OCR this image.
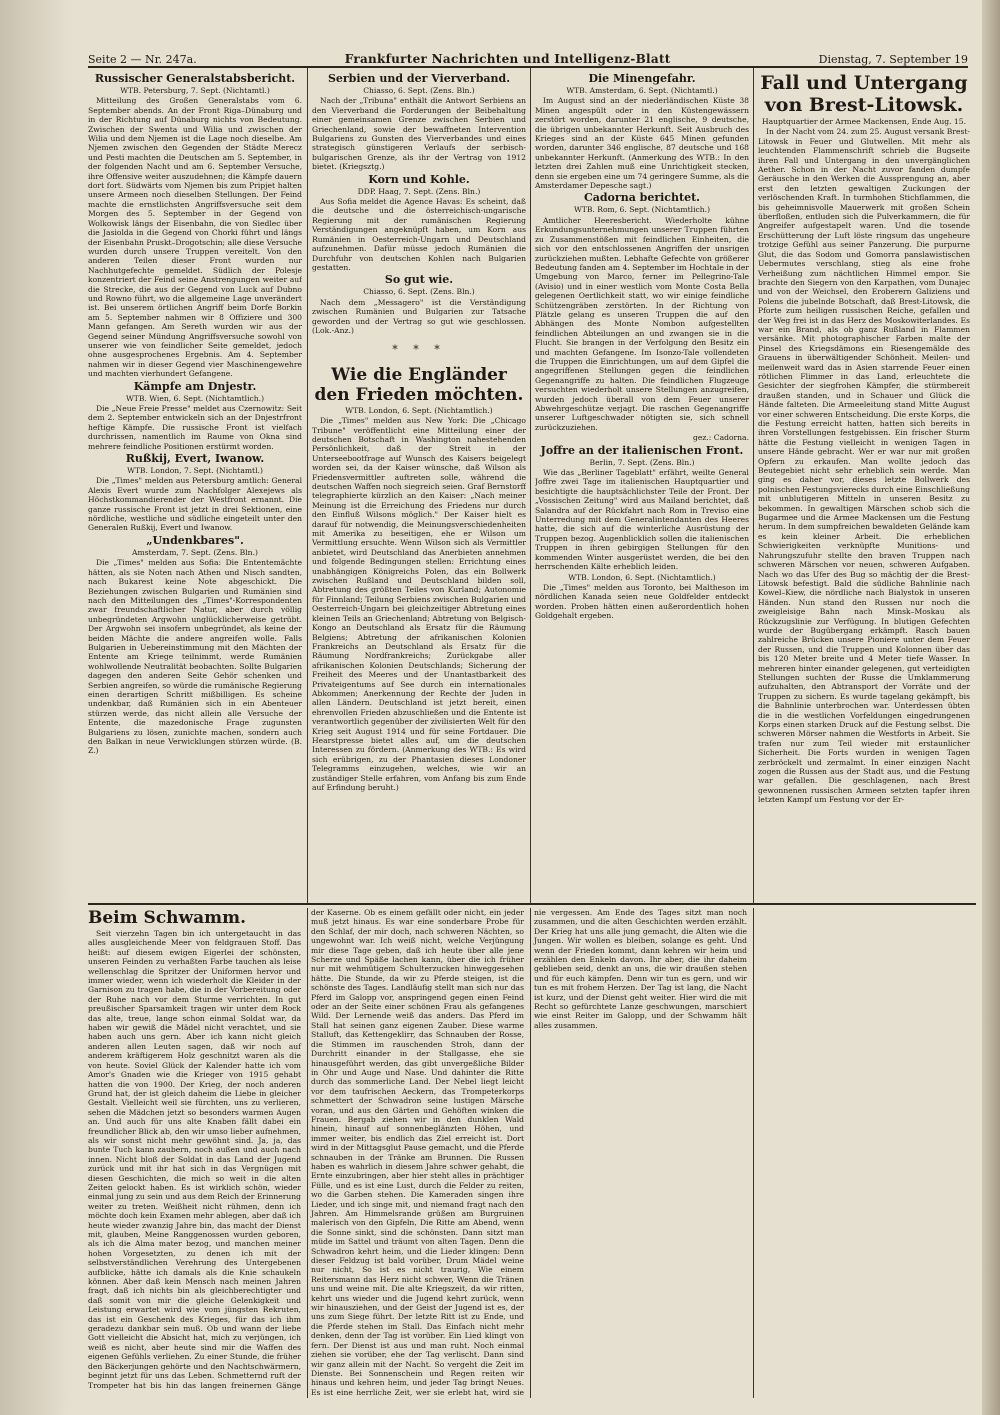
Seite 2 — Nr. 247a.	Frankfurter Nachrichten und Intelligenz-Blatt	Dienstag, 7. September 19

Russischer Generalstabsbericht.

WTB. Petersburg, 7. Sept. (Nichtamtl.)

Mitteilung des Großen Generalstabs vom 6. September abends. An der Front Riga–Dünaburg und in der Richtung auf Dünaburg nichts von Bedeutung. Zwischen der Swenta und Wilia und zwischen der Wilia und dem Njemen ist die Lage noch dieselbe. Am Njemen zwischen den Gegenden der Städte Merecz und Pesti machten die Deutschen am 5. September, in der folgenden Nacht und am 6. September Versuche, ihre Offensive weiter auszudehnen; die Kämpfe dauern dort fort. Südwärts vom Njemen bis zum Pripjet halten unsere Armeen noch dieselben Stellungen. Der Feind machte die ernstlichsten Angriffsversuche seit dem Morgen des 5. September in der Gegend von Wolkowisk längs der Eisenbahn, die von Siedlec über die Jasiolda in die Gegend von Chorki führt und längs der Eisenbahn Pruskt–Drogotschin; alle diese Versuche wurden durch unsere Truppen vereitelt. Von den anderen Teilen dieser Front wurden nur Nachhutgefechte gemeldet. Südlich der Polesje konzentriert der Feind seine Anstrengungen weiter auf die Strecke, die aus der Gegend von Luck auf Dubno und Rowno führt, wo die allgemeine Lage unverändert ist. Bei unserem örtlichen Angriff beim Dorfe Borkin am 5. September nahmen wir 8 Offiziere und 300 Mann gefangen. Am Sereth wurden wir aus der Gegend seiner Mündung Angriffsversuche sowohl von unserer wie von feindlicher Seite gemeldet, jedoch ohne ausgesprochenes Ergebnis. Am 4. September nahmen wir in dieser Gegend vier Maschinengewehre und machten vierhundert Gefangene.

Kämpfe am Dnjestr.

WTB. Wien, 6. Sept. (Nichtamtlich.)

Die „Neue Freie Presse" meldet aus Czernowitz: Seit dem 2. September entwickeln sich an der Dnjestrfront heftige Kämpfe. Die russische Front ist vielfach durchrissen, namentlich im Raume von Okna sind mehrere feindliche Positionen erstürmt worden.

Rußkij, Evert, Iwanow.

WTB. London, 7. Sept. (Nichtamtl.)

Die „Times" melden aus Petersburg amtlich: General Alexis Evert wurde zum Nachfolger Alexejews als Höchstkommandierender der Westfront ernannt. Die ganze russische Front ist jetzt in drei Sektionen, eine nördliche, westliche und südliche eingeteilt unter den Generalen Rußkij, Evert und Iwanow.

„Undenkbares".

Amsterdam, 7. Sept. (Zens. Bln.)

Die „Times" melden aus Sofia: Die Ententemächte hätten, als sie Noten nach Athen und Nisch sandten, nach Bukarest keine Note abgeschickt. Die Beziehungen zwischen Bulgarien und Rumänien sind nach den Mitteilungen des „Times"-Korrespondenten zwar freundschaftlicher Natur, aber durch völlig unbegründeten Argwohn unglücklicherweise getrübt. Der Argwohn sei insofern unbegründet, als keine der beiden Mächte die andere angreifen wolle. Falls Bulgarien in Uebereinstimmung mit den Mächten der Entente am Kriege teilnimmt, werde Rumänien wohlwollende Neutralität beobachten. Sollte Bulgarien dagegen den anderen Seite Gehör schenken und Serbien angreifen, so würde die rumänische Regierung einen derartigen Schritt mißbilligen. Es scheine undenkbar, daß Rumänien sich in ein Abenteuer stürzen werde, das nicht allein alle Versuche der Entente, die mazedonische Frage zugunsten Bulgariens zu lösen, zunichte machen, sondern auch den Balkan in neue Verwicklungen stürzen würde. (B. Z.)

Serbien und der Vierverband.

Chiasso, 6. Sept. (Zens. Bln.)

Nach der „Tribuna" enthält die Antwort Serbiens an den Vierverband die Forderungen der Beibehaltung einer gemeinsamen Grenze zwischen Serbien und Griechenland, sowie der bewaffneten Intervention Bulgariens zu Gunsten des Vierverbandes und eines strategisch günstigeren Verlaufs der serbisch-bulgarischen Grenze, als ihr der Vertrag von 1912 bietet. (Kriegsztg.)

Korn und Kohle.

DDP. Haag, 7. Sept. (Zens. Bln.)

Aus Sofia meldet die Agence Havas: Es scheint, daß die deutsche und die österreichisch-ungarische Regierung mit der rumänischen Regierung Verständigungen angeknüpft haben, um Korn aus Rumänien in Oesterreich-Ungarn und Deutschland aufzunehmen. Dafür müsse jedoch Rumänien die Durchfuhr von deutschen Kohlen nach Bulgarien gestatten.

So gut wie.

Chiasso, 6. Sept. (Zens. Bln.)

Nach dem „Messagero" ist die Verständigung zwischen Rumänien und Bulgarien zur Tatsache geworden und der Vertrag so gut wie geschlossen. (Lok.-Anz.)

* * *

Wie die Engländer den Frieden möchten.

WTB. London, 6. Sept. (Nichtamtlich.)

Die „Times" melden aus New York: Die „Chicago Tribune" veröffentlicht eine Mitteilung einer der deutschen Botschaft in Washington nahestehenden Persönlichkeit, daß der Streit in der Unterseebootfrage auf Wunsch des Kaisers beigelegt worden sei, da der Kaiser wünsche, daß Wilson als Friedensvermittler auftreten solle, während die deutschen Waffen noch siegreich seien. Graf Bernstorff telegraphierte kürzlich an den Kaiser: „Nach meiner Meinung ist die Erreichung des Friedens nur durch den Einfluß Wilsons möglich." Der Kaiser hielt es darauf für notwendig, die Meinungsverschiedenheiten mit Amerika zu beseitigen, ehe er Wilson um Vermittlung ersuchte. Wenn Wilson sich als Vermittler anbietet, wird Deutschland das Anerbieten annehmen und folgende Bedingungen stellen: Errichtung eines unabhängigen Königreichs Polen, das ein Bollwerk zwischen Rußland und Deutschland bilden soll, Abtretung des größten Teiles von Kurland; Autonomie für Finnland; Teilung Serbiens zwischen Bulgarien und Oesterreich-Ungarn bei gleichzeitiger Abtretung eines kleinen Teils an Griechenland; Abtretung von Belgisch-Kongo an Deutschland als Ersatz für die Räumung Belgiens; Abtretung der afrikanischen Kolonien Frankreichs an Deutschland als Ersatz für die Räumung Nordfrankreichs; Zurückgabe aller afrikanischen Kolonien Deutschlands; Sicherung der Freiheit des Meeres und der Unantastbarkeit des Privateigentums auf See durch ein internationales Abkommen; Anerkennung der Rechte der Juden in allen Ländern. Deutschland ist jetzt bereit, einen ehrenvollen Frieden abzuschließen und die Entente ist verantwortlich gegenüber der zivilisierten Welt für den Krieg seit August 1914 und für seine Fortdauer. Die Hearstpresse bietet alles auf, um die deutschen Interessen zu fördern. (Anmerkung des WTB.: Es wird sich erübrigen, zu der Phantasien dieses Londoner Telegramms einzugehen, welches, wie wir an zuständiger Stelle erfahren, vom Anfang bis zum Ende auf Erfindung beruht.)

Die Minengefahr.

WTB. Amsterdam, 6. Sept. (Nichtamtl.)

Im August sind an der niederländischen Küste 38 Minen angespült oder in den Küstengewässern zerstört worden, darunter 21 englische, 9 deutsche, die übrigen unbekannter Herkunft. Seit Ausbruch des Krieges sind an der Küste 645 Minen gefunden worden, darunter 346 englische, 87 deutsche und 168 unbekannter Herkunft. (Anmerkung des WTB.: In den letzten drei Zahlen muß eine Unrichtigkeit stecken, denn sie ergeben eine um 74 geringere Summe, als die Amsterdamer Depesche sagt.)

Cadorna berichtet.

WTB. Rom, 6. Sept. (Nichtamtlich.)

Amtlicher Heeresbericht. Wiederholte kühne Erkundungsunternehmungen unserer Truppen führten zu Zusammenstößen mit feindlichen Einheiten, die sich vor den entschlossenen Angriffen der unsrigen zurückziehen mußten. Lebhafte Gefechte von größerer Bedeutung fanden am 4. September im Hochtale in der Umgebung von Marco, ferner im Pellegrino-Tale (Avisio) und in einer westlich vom Monte Costa Bella gelegenen Oertlichkeit statt, wo wir einige feindliche Schützengräben zerstörten. In der Richtung von Plätzle gelang es unseren Truppen die auf den Abhängen des Monte Nombon aufgestellten feindlichen Abteilungen an und zwangen sie in die Flucht. Sie brangen in der Verfolgung den Besitz ein und machten Gefangene. Im Isonzo-Tale vollendeten die Truppen die Einrichtungen, um auf dem Gipfel die angegriffenen Stellungen gegen die feindlichen Gegenangriffe zu halten. Die feindlichen Flugzeuge versuchten wiederholt unsere Stellungen anzugreifen, wurden jedoch überall von dem Feuer unserer Abwehrgeschütze verjagt. Die raschen Gegenangriffe unserer Luftgeschwader nötigten sie, sich schnell zurückzuziehen.

gez.: Cadorna.

Joffre an der italienischen Front.

Berlin, 7. Sept. (Zens. Bln.)

Wie das „Berliner Tageblatt" erfährt, weilte General Joffre zwei Tage im italienischen Hauptquartier und besichtigte die hauptsächlichster Teile der Front. Der „Vossischen Zeitung" wird aus Mailand berichtet, daß Salandra auf der Rückfahrt nach Rom in Treviso eine Unterredung mit dem Generalintendanten des Heeres hatte, die sich auf die winterliche Ausrüstung der Truppen bezog. Augenblicklich sollen die italienischen Truppen in ihren gebirgigen Stellungen für den kommenden Winter ausgerüstet werden, die bei den herrschenden Kälte erheblich leiden.

WTB. London, 6. Sept. (Nichtamtlich.)

Die „Times" melden aus Toronto, bei Maltheson im nördlichen Kanada seien neue Goldfelder entdeckt worden. Proben hätten einen außerordentlich hohen Goldgehalt ergeben.

Fall und Untergang von Brest-Litowsk.

Hauptquartier der Armee Mackensen, Ende Aug. 15.

In der Nacht vom 24. zum 25. August versank Brest-Litowsk in Feuer und Glutwellen. Mit mehr als leuchtenden Flammenschrift schrieb die Bugseite ihren Fall und Untergang in den unvergänglichen Aether. Schon in der Nacht zuvor fanden dumpfe Geräusche in den Werken die Aussprengung an, aber erst den letzten gewaltigen Zuckungen der verlöschenden Kraft. In turmhohen Stichflammen, die bis geheimnisvolle Mauerwerk mit großen Schein überfloßen, entluden sich die Pulverkammern, die für Angreifer aufgestapelt waren. Und die tosende Erschütterung der Luft löste ringsum das ungeheure trotzige Gefühl aus seiner Panzerung. Die purpurne Glut, die das Sodom und Gomorra panslawistischen Uebermutes verschlang, stieg als eine frohe Verheißung zum nächtlichen Himmel empor. Sie brachte den Siegern von den Karpathen, vom Dunajec und von der Weichsel, den Eroberern Galiziens und Polens die jubelnde Botschaft, daß Brest-Litowsk, die Pforte zum heiligen russischen Reiche, gefallen und der Weg frei ist in das Herz des Moskowiterlandes. Es war ein Brand, als ob ganz Rußland in Flammen versänke. Mit photographischer Farben malte der Pinsel des Kriegsdämons ein Riesengemälde des Grauens in überwältigender Schönheit. Meilen- und meilenweit ward das in Asien starrende Feuer einen rötlichen Flimmer in das Land, erleuchtete die Gesichter der siegfrohen Kämpfer, die stürmbereit draußen standen, und in Schauer und Glück die Hände falteten. Die Armeeleitung stand Mitte August vor einer schweren Entscheidung. Die erste Korps, die die Festung erreicht hatten, hatten sich bereits in ihren Vorstellungen festgebissen. Ein frischer Sturm hätte die Festung vielleicht in wenigen Tagen in unsere Hände gebracht. Wer er war nur mit großen Opfern zu erkaufen. Man wollte jedoch das Beutegebiet nicht sehr erheblich sein werde. Man ging es daher vor, dieses letzte Bollwerk des polnischen Festungsvierecks durch eine Einschließung mit unblutigeren Mitteln in unseren Besitz zu bekommen. In gewaltigen Märschen schob sich die Bugarmee und die Armee Mackensen um die Festung herum. In dem sumpfreichen bewaldeten Gelände kam es kein kleiner Arbeit. Die erheblichen Schwierigkeiten verknüpfte Munitions- und Nahrungszufuhr stellte den braven Truppen nach schweren Märschen vor neuen, schweren Aufgaben. Nach wo das Ufer des Bug so mächtig der die Brest-Litowsk befestigt. Bald die südliche Bahnlinie nach Kowel–Kiew, die nördliche nach Bialystok in unseren Händen. Nun stand den Russen nur noch die zweigleisige Bahn nach Minsk–Moskau als Rückzugslinie zur Verfügung. In blutigen Gefechten wurde der Bugübergang erkämpft. Rasch bauen zahlreiche Brücken unsere Pioniere unter dem Feuer der Russen, und die Truppen und Kolonnen über das bis 120 Meter breite und 4 Meter tiefe Wasser. In mehreren hinter einander gelegenen, gut verteidigten Stellungen suchten der Russe die Umklammerung aufzuhalten, den Abtransport der Vorräte und der Truppen zu sichern. Es wurde tagelang gekämpft, bis die Bahnlinie unterbrochen war. Unterdessen übten die in die westlichen Vorfeldungen eingedrungenen Korps einen starken Druck auf die Festung selbst. Die schweren Mörser nahmen die Westforts in Arbeit. Sie trafen nur zum Teil wieder mit erstaunlicher Sicherheit. Die Forts wurden in wenigen Tagen zerbröckelt und zermalmt. In einer einzigen Nacht zogen die Russen aus der Stadt aus, und die Festung war gefallen. Die geschlagenen, nach Brest gewonnenen russischen Armeen setzten tapfer ihren letzten Kampf um Festung vor der Er-

Beim Schwamm.

Seit vierzehn Tagen bin ich untergetaucht in das alles ausgleichende Meer von feldgrauen Stoff. Das heißt: auf diesem ewigen Eigerlei der schönsten, unseren Feinden zu verhaßten Farbe tauchen als leise wellenschlag die Spritzer der Uniformen hervor und immer wieder, wenn ich wiederholt die Kleider in der Garnison zu tragen habe, die in der Vorbereitung oder der Ruhe nach vor dem Sturme verrichten. In gut preußischer Sparsamkeit tragen wir unter dem Rock das alte, treue, lange schon einmal Soldat war, da haben wir gewiß die Mädel nicht verachtet, und sie haben auch uns gern. Aber ich kann nicht gleich anderen allen Leuten sagen, daß wir noch auf anderem kräftigerem Holz geschnitzt waren als die von heute. Soviel Glück der Kalender hatte ich vom Amor's Gnaden wie die Krieger von 1915 gehabt hatten die von 1900. Der Krieg, der noch anderen Grund hat, der ist gleich daheim die Liebe in gleicher Gestalt. Vielleicht weil sie fürchten, uns zu verlieren, sehen die Mädchen jetzt so besonders warmen Augen an. Und auch für uns alte Knaben fällt dabei ein freundlicher Blick ab, den wir umso lieber aufnehmen, als wir sonst nicht mehr gewöhnt sind. Ja, ja, das bunte Tuch kann zaubern, noch außen und auch nach innen. Nicht bloß der Soldat in das Land der Jugend zurück und mit ihr hat sich in das Vergnügen mit diesen Geschichten, die mich so weit in die alten Zeiten gelockt haben. Es ist wirklich schön, wieder einmal jung zu sein und aus dem Reich der Erinnerung weiter zu treten. Weißheit nicht rühmen, denn ich möchte doch kein Examen mehr ablegen, aber daß ich heute wieder zwanzig Jahre bin, das macht der Dienst mit, glauben, Meine Ranggenossen wurden geboren, als ich die Alma mater bezog, und manchen meiner hohen Vorgesetzten, zu denen ich mit der selbstverständlichen Verehrung des Untergebenen aufblicke, hätte ich damals als die Knie schaukeln können. Aber daß kein Mensch nach meinen Jahren fragt, daß ich nichts bin als gleichberechtigter und daß somit von mir die gleiche Gelenkigkeit und Leistung erwartet wird wie vom jüngsten Rekruten, das ist ein Geschenk des Krieges, für das ich ihm geradezu dankbar sein muß. Ob und wann der liebe Gott vielleicht die Absicht hat, mich zu verjüngen, ich weiß es nicht, aber heute sind mir die Waffen des eigenen Gefühls verliehen. Zu einer Stunde, die früher den Bäckerjungen gehörte und den Nachtschwärmern, beginnt jetzt für uns das Leben. Schmetternd ruft der Trompeter hat bis hin das langen freinernen Gänge der Kaserne. Ob es einem gefällt oder nicht, ein jeder muß jetzt hinaus. Es war eine sonderbare Probe für den Schlaf, der mir doch, nach schweren Nächten, so ungewohnt war. Ich weiß nicht, welche Verjüngung mir diese Tage geben, daß ich heute über alle jene Scherze und Späße lachen kann, über die ich früher nur mit wehmütigem Schulterzucken hinweggesehen hätte. Die Stunde, da wir zu Pferde steigen, ist die schönste des Tages. Landläufig stellt man sich nur das Pferd im Galopp vor, anspringend gegen einen Feind oder an der Seite einer schönen Frau als gefangenes Wild. Der Lernende weiß das anders. Das Pferd im Stall hat seinen ganz eigenen Zauber. Diese warme Stalluft, das Kettengeklirr, das Schnauben der Rosse, die Stimmen im rauschenden Stroh, dann der Durchritt einander in der Stallgasse, ehe sie hinausgeführt werden, das gibt unvergeßliche Bilder in Ohr und Auge und Nase. Und dahinter die Ritte durch das sommerliche Land. Der Nebel liegt leicht vor dem taufrischen Aeckern, das Trompeterkorps schmettert der Schwadron seine lustigen Märsche voran, und aus den Gärten und Gehöften winken die Frauen. Bergab ziehen wir in den dunklen Wald hinein, hinauf auf sonnenbeglänzten Höhen, und immer weiter, bis endlich das Ziel erreicht ist. Dort wird in der Mittagsglut Pause gemacht, und die Pferde schnauben in der Tränke am Brunnen. Die Russen haben es wahrlich in diesem Jahre schwer gehabt, die Ernte einzubringen, aber hier steht alles in prächtiger Fülle, und es ist eine Lust, durch die Felder zu reiten, wo die Garben stehen. Die Kameraden singen ihre Lieder, und ich singe mit, und niemand fragt nach den Jahren. Am Himmelsrande grüßen am Burgruinen malerisch von den Gipfeln, Die Ritte am Abend, wenn die Sonne sinkt, sind die schönsten. Dann sitzt man müde im Sattel und träumt von alten Tagen. Denn die Schwadron kehrt heim, und die Lieder klingen: Denn dieser Feldzug ist bald vorüber, Drum Mädel weine nur nicht, So ist es nicht traurig, Wie einem Reitersmann das Herz nicht schwer, Wenn die Tränen uns und weine mit. Die alte Kriegszeit, da wir ritten, kehrt uns wieder und die Jugend kehrt zurück, wenn wir hinausziehen, und der Geist der Jugend ist es, der uns zum Siege führt. Der letzte Ritt ist zu Ende, und die Pferde stehen im Stall. Das Einfach nicht mehr denken, denn der Tag ist vorüber. Ein Lied klingt von fern. Der Dienst ist aus und man ruht. Noch einmal ziehen sie vorüber, ehe der Tag verlischt. Dann sind wir ganz allein mit der Nacht. So vergeht die Zeit im Dienste. Bei Sonnenschein und Regen reiten wir hinaus und kehren heim, und jeder Tag bringt Neues. Es ist eine herrliche Zeit, wer sie erlebt hat, wird sie nie vergessen. Am Ende des Tages sitzt man noch zusammen, und die alten Geschichten werden erzählt. Der Krieg hat uns alle jung gemacht, die Alten wie die Jungen. Wir wollen es bleiben, solange es geht. Und wenn der Frieden kommt, dann kehren wir heim und erzählen den Enkeln davon. Ihr aber, die ihr daheim geblieben seid, denkt an uns, die wir draußen stehen und für euch kämpfen. Denn wir tun es gern, und wir tun es mit frohem Herzen. Der Tag ist lang, die Nacht ist kurz, und der Dienst geht weiter. Hier wird die mit Recht so gefürchtete Lanze geschwungen, marschiert wie einst Reiter im Galopp, und der Schwamm hält alles zusammen.
